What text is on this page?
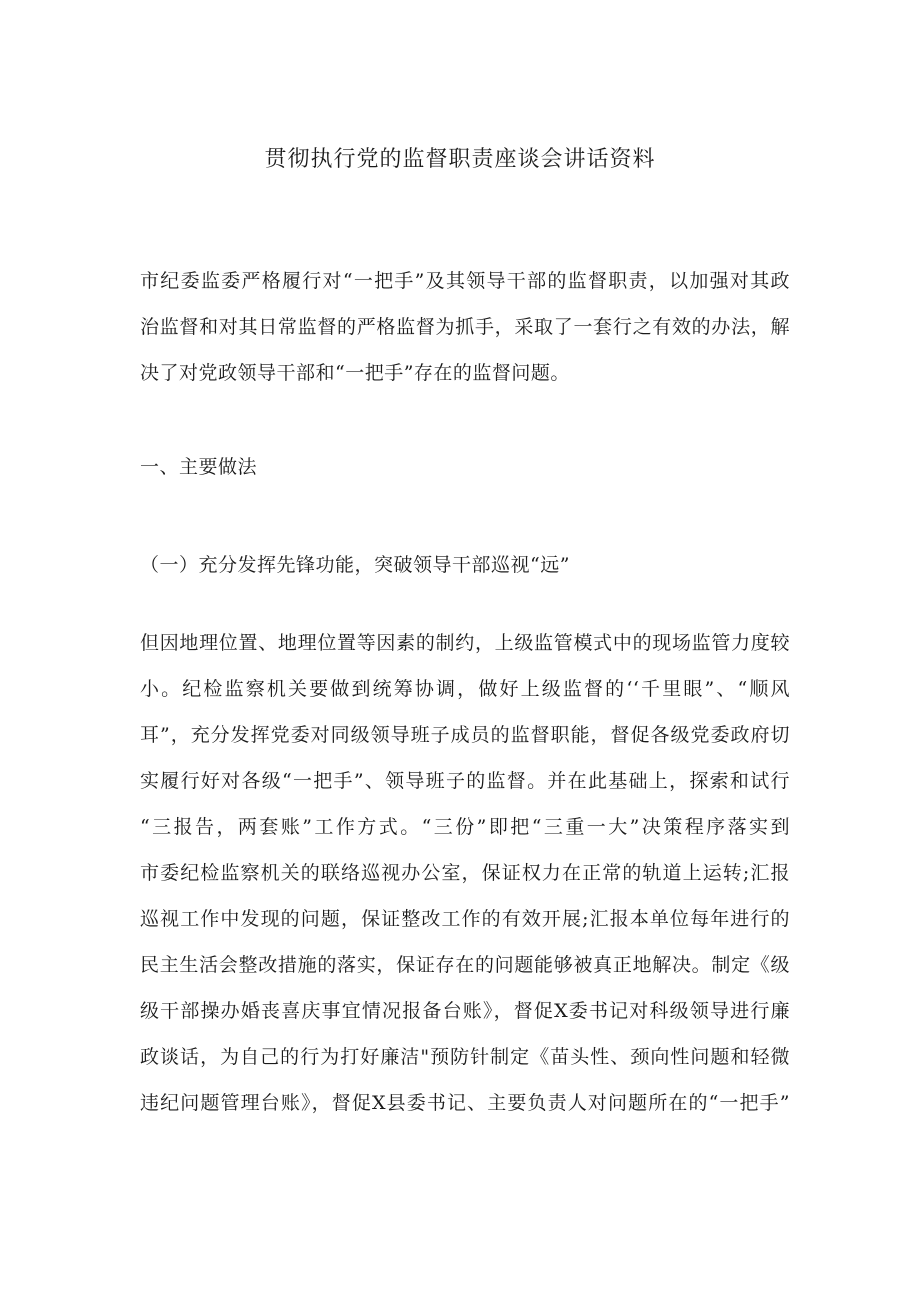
贯彻执行党的监督职责座谈会讲话资料
市纪委监委严格履行对“一把手”及其领导干部的监督职责，以加强对其政
治监督和对其日常监督的严格监督为抓手，采取了一套行之有效的办法，解
决了对党政领导干部和“一把手”存在的监督问题。
一、主要做法
（一）充分发挥先锋功能，突破领导干部巡视“远”
但因地理位置、地理位置等因素的制约，上级监管模式中的现场监管力度较
小。纪检监察机关要做到统筹协调，做好上级监督的‘‘千里眼”、“顺风
耳”，充分发挥党委对同级领导班子成员的监督职能，督促各级党委政府切
实履行好对各级“一把手”、领导班子的监督。并在此基础上，探索和试行
“三报告，两套账”工作方式。“三份”即把“三重一大”决策程序落实到
市委纪检监察机关的联络巡视办公室，保证权力在正常的轨道上运转;汇报
巡视工作中发现的问题，保证整改工作的有效开展;汇报本单位每年进行的
民主生活会整改措施的落实，保证存在的问题能够被真正地解决。制定《级
级干部操办婚丧喜庆事宜情况报备台账》，督促X委书记对科级领导进行廉
政谈话，为自己的行为打好廉洁"预防针制定《苗头性、颈向性问题和轻微
违纪问题管理台账》，督促X县委书记、主要负责人对问题所在的“一把手”
